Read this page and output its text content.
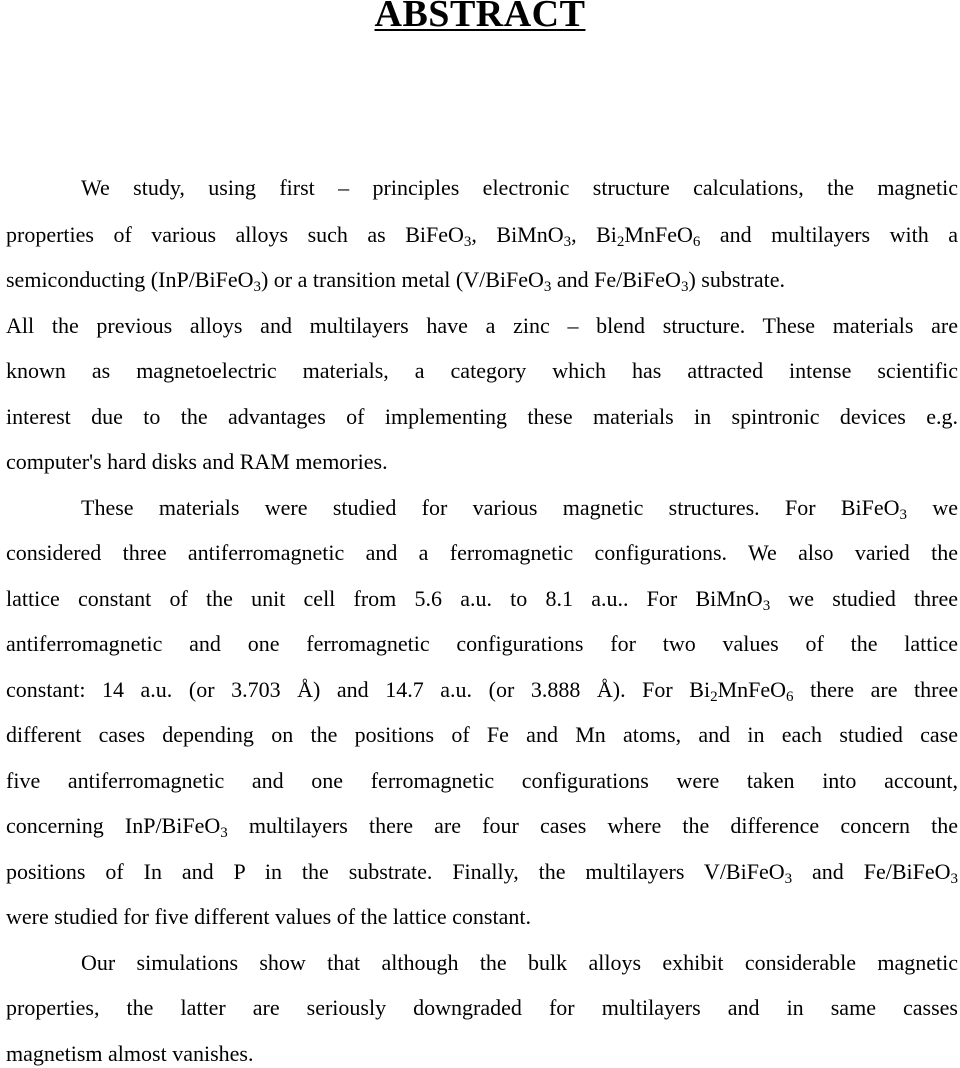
ABSTRACT
We study, using first – principles electronic structure calculations, the magnetic
properties of various alloys such as BiFeO$_3$, BiMnO$_3$, $Bi_2MnFeO_6$ and multilayers with a
semiconducting (InP/BiFeO$_3$) or a transition metal (V/BiFeO$_3$ and Fe/BiFeO$_3$) substrate.
All the previous alloys and multilayers have a zinc – blend structure. These materials are
known as magnetoelectric materials, a category which has attracted intense scientific
interest due to the advantages of implementing these materials in spintronic devices e.g.
computer's hard disks and RAM memories.
These materials were studied for various magnetic structures. For BiFeO$_3$ we
considered three antiferromagnetic and a ferromagnetic configurations. We also varied the
lattice constant of the unit cell from 5.6 a.u. to 8.1 a.u.. For BiMnO$_3$ we studied three
antiferromagnetic and one ferromagnetic configurations for two values of the lattice
constant: 14 a.u. (or 3.703 Å) and 14.7 a.u. (or 3.888 Å). For $Bi_2MnFeO_6$ there are three
different cases depending on the positions of Fe and Mn atoms, and in each studied case
five antiferromagnetic and one ferromagnetic configurations were taken into account,
concerning InP/BiFeO$_3$ multilayers there are four cases where the difference concern the
positions of In and P in the substrate. Finally, the multilayers V/BiFeO$_3$ and Fe/BiFeO$_3$
were studied for five different values of the lattice constant.
Our simulations show that although the bulk alloys exhibit considerable magnetic
properties, the latter are seriously downgraded for multilayers and in same casses
magnetism almost vanishes.
